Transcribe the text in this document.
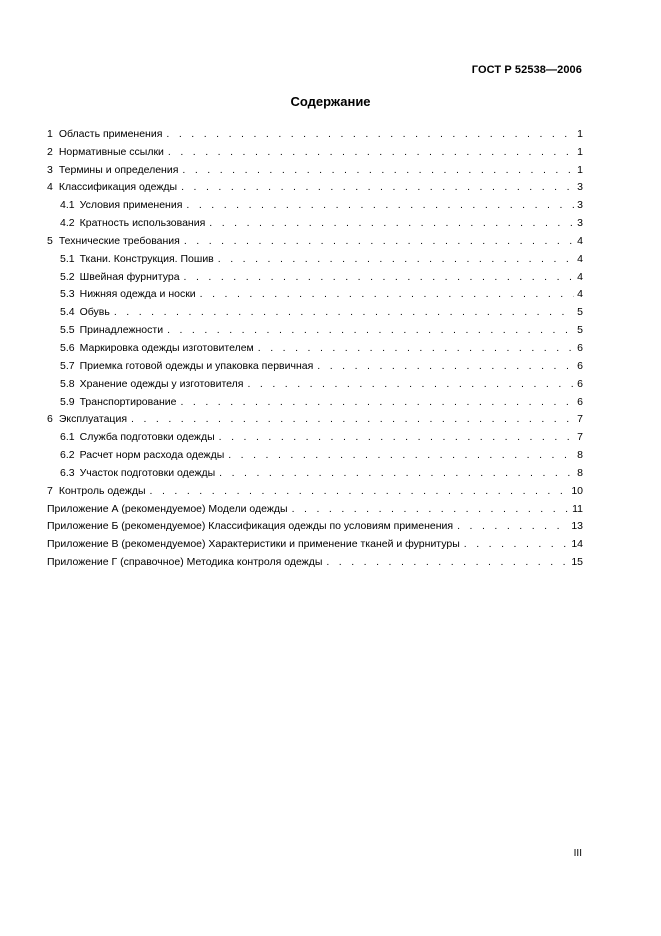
ГОСТ Р 52538—2006
Содержание
1 Область применения . . .	1
2 Нормативные ссылки . . .	1
3 Термины и определения . . .	1
4 Классификация одежды . . .	3
4.1 Условия применения . . .	3
4.2 Кратность использования . . .	3
5 Технические требования . . .	4
5.1 Ткани. Конструкция. Пошив . . .	4
5.2 Швейная фурнитура . . .	4
5.3 Нижняя одежда и носки . . .	4
5.4 Обувь . . .	5
5.5 Принадлежности . . .	5
5.6 Маркировка одежды изготовителем . . .	6
5.7 Приемка готовой одежды и упаковка первичная . . .	6
5.8 Хранение одежды у изготовителя . . .	6
5.9 Транспортирование . . .	6
6 Эксплуатация . . .	7
6.1 Служба подготовки одежды . . .	7
6.2 Расчет норм расхода одежды . . .	8
6.3 Участок подготовки одежды . . .	8
7 Контроль одежды . . .	10
Приложение А (рекомендуемое) Модели одежды . . .	11
Приложение Б (рекомендуемое) Классификация одежды по условиям применения . . .	13
Приложение В (рекомендуемое) Характеристики и применение тканей и фурнитуры . . .	14
Приложение Г (справочное) Методика контроля одежды . . .	15
III
